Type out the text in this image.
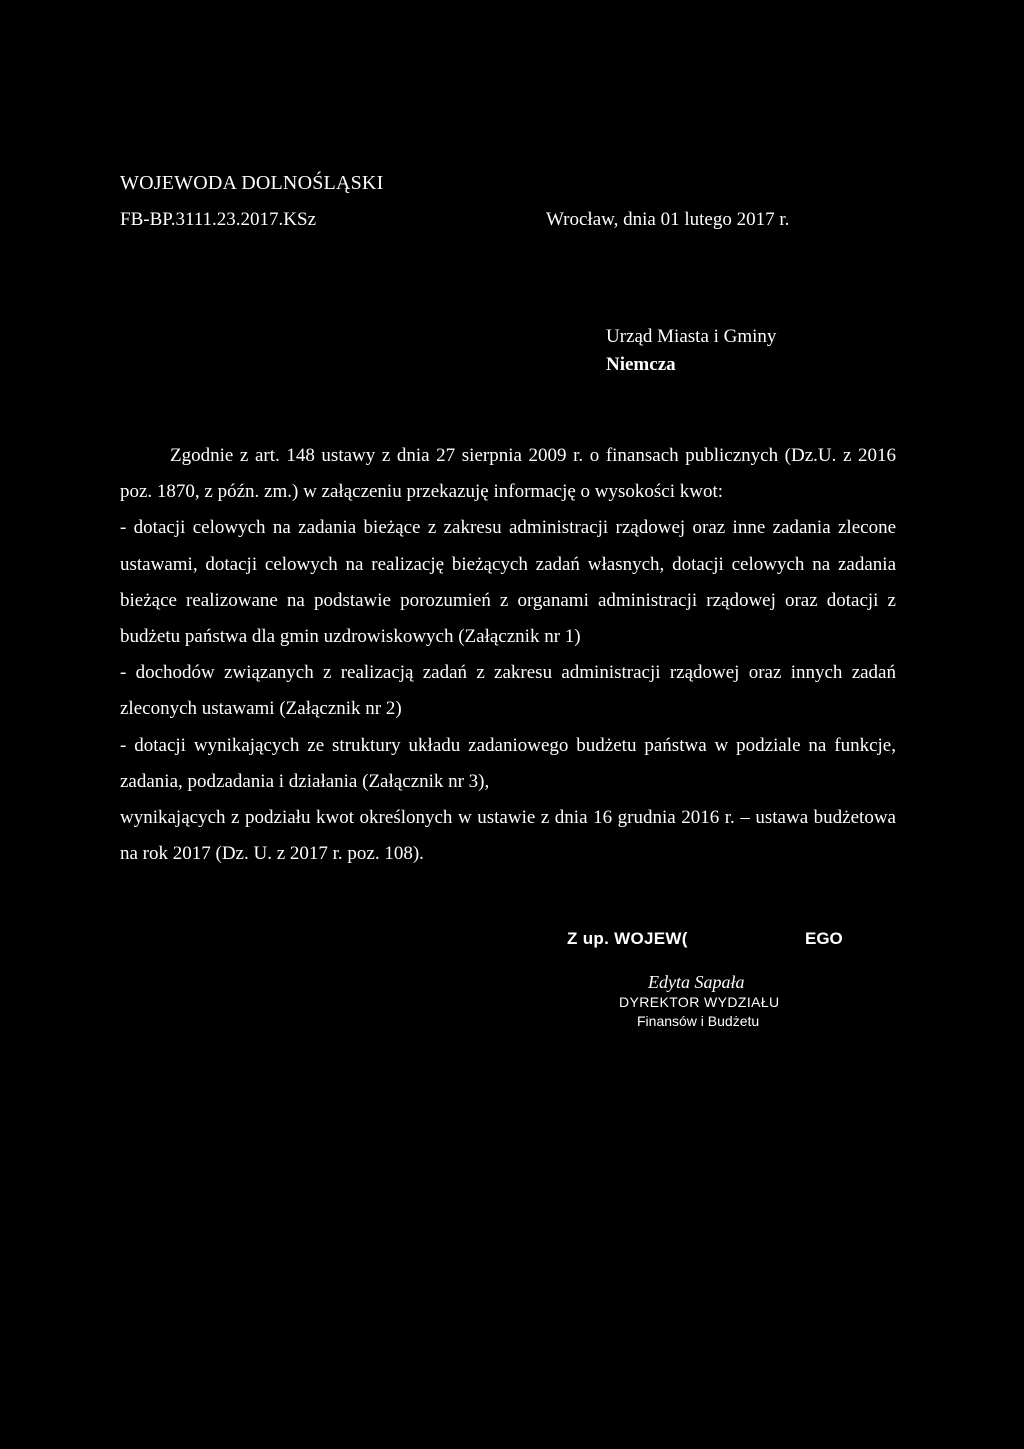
WOJEWODA DOLNOŚLĄSKI
FB-BP.3111.23.2017.KSz	Wrocław, dnia 01 lutego 2017 r.
Urząd Miasta i Gminy
Niemcza

Zgodnie z art. 148 ustawy z dnia 27 sierpnia 2009 r. o finansach publicznych (Dz.U. z 2016 poz. 1870, z późn. zm.) w załączeniu przekazuję informację o wysokości kwot:

- dotacji celowych na zadania bieżące z zakresu administracji rządowej oraz inne zadania zlecone ustawami, dotacji celowych na realizację bieżących zadań własnych, dotacji celowych na zadania bieżące realizowane na podstawie porozumień z organami administracji rządowej oraz dotacji z budżetu państwa dla gmin uzdrowiskowych (Załącznik nr 1)

- dochodów związanych z realizacją zadań z zakresu administracji rządowej oraz innych zadań zleconych ustawami (Załącznik nr 2)

- dotacji wynikających ze struktury układu zadaniowego budżetu państwa w podziale na funkcje, zadania, podzadania i działania (Załącznik nr 3),

wynikających z podziału kwot określonych w ustawie z dnia 16 grudnia 2016 r. – ustawa budżetowa na rok 2017 (Dz. U. z 2017 r. poz. 108).

Z up. WOJEW(	EGO
Edyta Sapała
DYREKTOR WYDZIAŁU
Finansów i Budżetu
